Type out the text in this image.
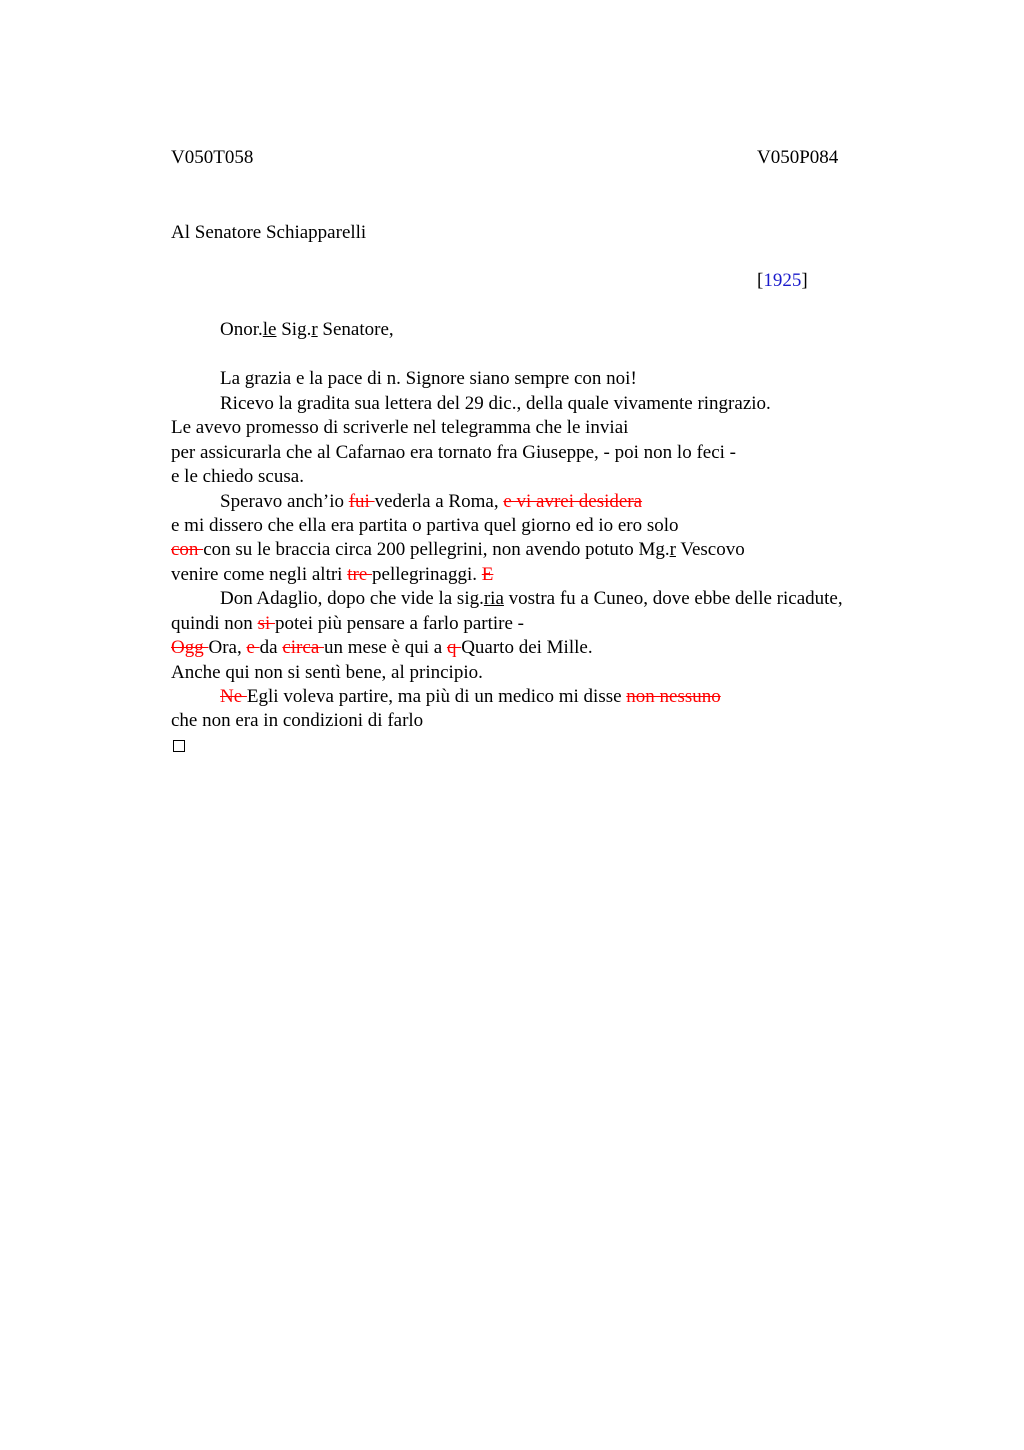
V050T058	V050P084
Al Senatore Schiapparelli
[1925]
Onor.le Sig.r Senatore,
La grazia e la pace di n. Signore siano sempre con noi!
Ricevo la gradita sua lettera del 29 dic., della quale vivamente ringrazio.
Le avevo promesso di scriverle nel telegramma che le inviai
per assicurarla che al Cafarnao era tornato fra Giuseppe, - poi non lo feci -
e le chiedo scusa.
Speravo anch’io fui vederla a Roma, e vi avrei desidera
e mi dissero che ella era partita o partiva quel giorno ed io ero solo
con con su le braccia circa 200 pellegrini, non avendo potuto Mg.r Vescovo
venire come negli altri tre pellegrinaggi. E
Don Adaglio, dopo che vide la sig.ria vostra fu a Cuneo, dove ebbe delle ricadute,
quindi non si potei più pensare a farlo partire -
Ogg Ora, e da circa un mese è qui a q Quarto dei Mille.
Anche qui non si sentì bene, al principio.
Ne Egli voleva partire, ma più di un medico mi disse non nessuno
che non era in condizioni di farlo
